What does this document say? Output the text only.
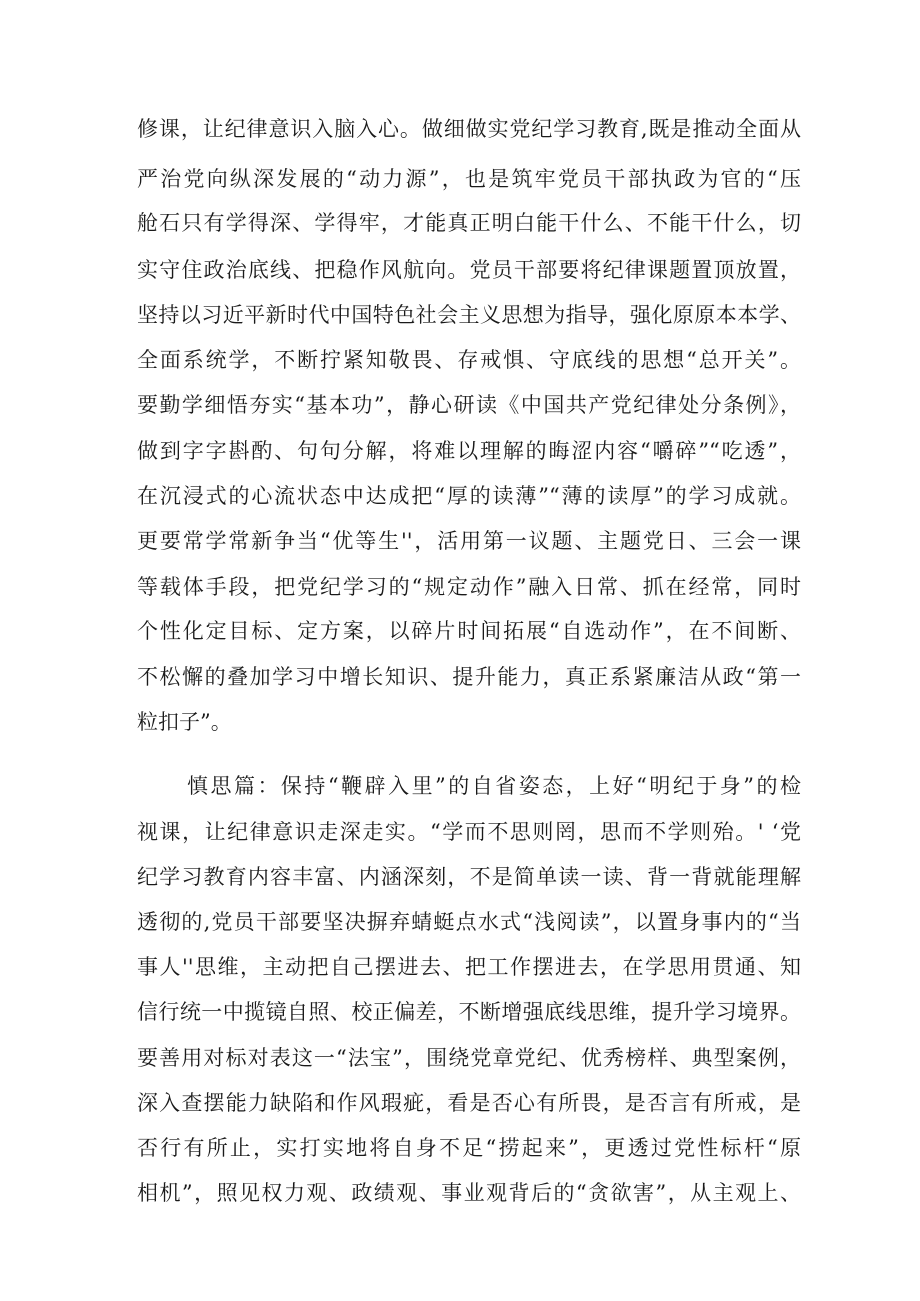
修课，让纪律意识入脑入心。做细做实党纪学习教育,既是推动全面从
严治党向纵深发展的“动力源”，也是筑牢党员干部执政为官的“压
舱石只有学得深、学得牢，才能真正明白能干什么、不能干什么，切
实守住政治底线、把稳作风航向。党员干部要将纪律课题置顶放置，
坚持以习近平新时代中国特色社会主义思想为指导，强化原原本本学、
全面系统学，不断拧紧知敬畏、存戒惧、守底线的思想“总开关”。
要勤学细悟夯实“基本功”，静心研读《中国共产党纪律处分条例》，
做到字字斟酌、句句分解，将难以理解的晦涩内容“嚼碎”“吃透”，
在沉浸式的心流状态中达成把“厚的读薄”“薄的读厚”的学习成就。
更要常学常新争当“优等生''，活用第一议题、主题党日、三会一课
等载体手段，把党纪学习的“规定动作”融入日常、抓在经常，同时
个性化定目标、定方案，以碎片时间拓展“自选动作”，在不间断、
不松懈的叠加学习中增长知识、提升能力，真正系紧廉洁从政“第一
粒扣子”。
慎思篇：保持“鞭辟入里”的自省姿态，上好“明纪于身”的检
视课，让纪律意识走深走实。“学而不思则罔，思而不学则殆。' ‘党
纪学习教育内容丰富、内涵深刻，不是简单读一读、背一背就能理解
透彻的,党员干部要坚决摒弃蜻蜓点水式“浅阅读”，以置身事内的“当
事人''思维，主动把自己摆进去、把工作摆进去，在学思用贯通、知
信行统一中揽镜自照、校正偏差，不断增强底线思维，提升学习境界。
要善用对标对表这一“法宝”，围绕党章党纪、优秀榜样、典型案例，
深入查摆能力缺陷和作风瑕疵，看是否心有所畏，是否言有所戒，是
否行有所止，实打实地将自身不足“捞起来”，更透过党性标杆“原
相机”，照见权力观、政绩观、事业观背后的“贪欲害”，从主观上、
